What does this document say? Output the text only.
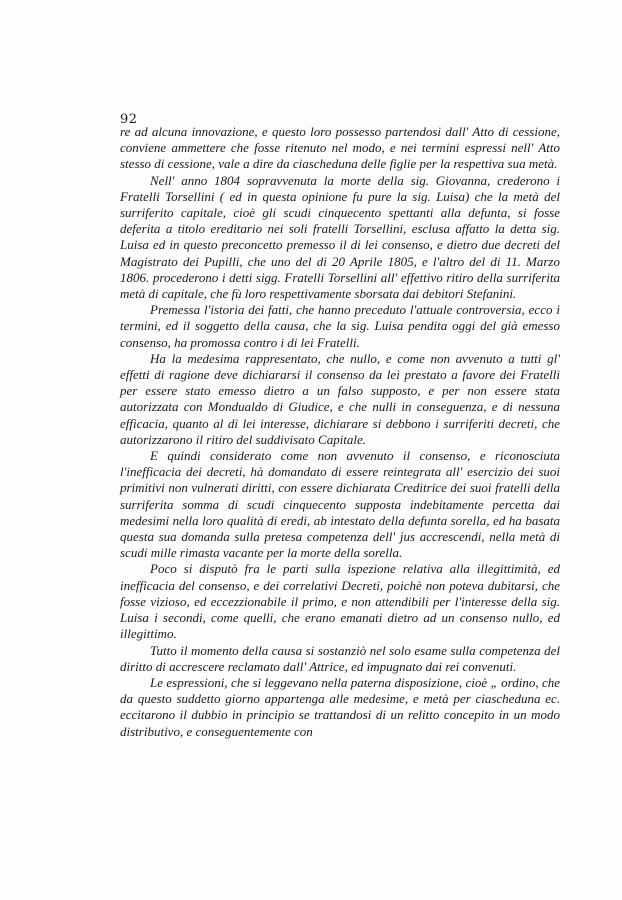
92

re ad alcuna innovazione, e questo loro possesso partendosi dall' Atto di cessione, conviene ammettere che fosse ritenuto nel modo, e nei termini espressi nell' Atto stesso di cessione, vale a dire da ciascheduna delle figlie per la respettiva sua metà.

Nell' anno 1804 sopravvenuta la morte della sig. Giovanna, crederono i Fratelli Torsellini ( ed in questa opinione fu pure la sig. Luisa) che la metà del surriferito capitale, cioè gli scudi cinquecento spettanti alla defunta, si fosse deferita a titolo ereditario nei soli fratelli Torsellini, esclusa affatto la detta sig. Luisa ed in questo preconcetto premesso il di lei consenso, e dietro due decreti del Magistrato dei Pupilli, che uno del di 20 Aprile 1805, e l'altro del di 11. Marzo 1806. procederono i detti sigg. Fratelli Torsellini all' effettivo ritiro della surriferita metà di capitale, che fù loro respettivamente sborsata dai debitori Stefanini.

Premessa l'istoria dei fatti, che hanno preceduto l'attuale controversia, ecco i termini, ed il soggetto della causa, che la sig. Luisa pendita oggi del già emesso consenso, ha promossa contro i di lei Fratelli.

Ha la medesima rappresentato, che nullo, e come non avvenuto a tutti gl' effetti di ragione deve dichiararsi il consenso da lei prestato a favore dei Fratelli per essere stato emesso dietro a un falso supposto, e per non essere stata autorizzata con Mondualdo di Giudice, e che nulli in conseguenza, e di nessuna efficacia, quanto al di lei interesse, dichiarare si debbono i surriferiti decreti, che autorizzarono il ritiro del suddivisato Capitale.

E quindi considerato come non avvenuto il consenso, e riconosciuta l'inefficacia dei decreti, hà domandato di essere reintegrata all' esercizio dei suoi primitivi non vulnerati diritti, con essere dichiarata Creditrice dei suoi fratelli della surriferita somma di scudi cinquecento supposta indebitamente percetta dai medesimi nella loro qualità di eredi, ab intestato della defunta sorella, ed ha basata questa sua domanda sulla pretesa competenza dell' jus accrescendi, nella metà di scudi mille rimasta vacante per la morte della sorella.

Poco si disputò fra le parti sulla ispezione relativa alla illegittimità, ed inefficacia del consenso, e dei correlativi Decreti, poichè non poteva dubitarsi, che fosse vizioso, ed eccezzionabile il primo, e non attendibili per l'interesse della sig. Luisa i secondi, come quelli, che erano emanati dietro ad un consenso nullo, ed illegittimo.

Tutto il momento della causa si sostanziò nel solo esame sulla competenza del diritto di accrescere reclamato dall' Attrice, ed impugnato dai rei convenuti.

Le espressioni, che si leggevano nella paterna disposizione, cioè „ ordino, che da questo suddetto giorno appartenga alle medesime, e metà per ciascheduna ec. eccitarono il dubbio in principio se trattandosi di un relitto concepito in un modo distributivo, e conseguentemente con
